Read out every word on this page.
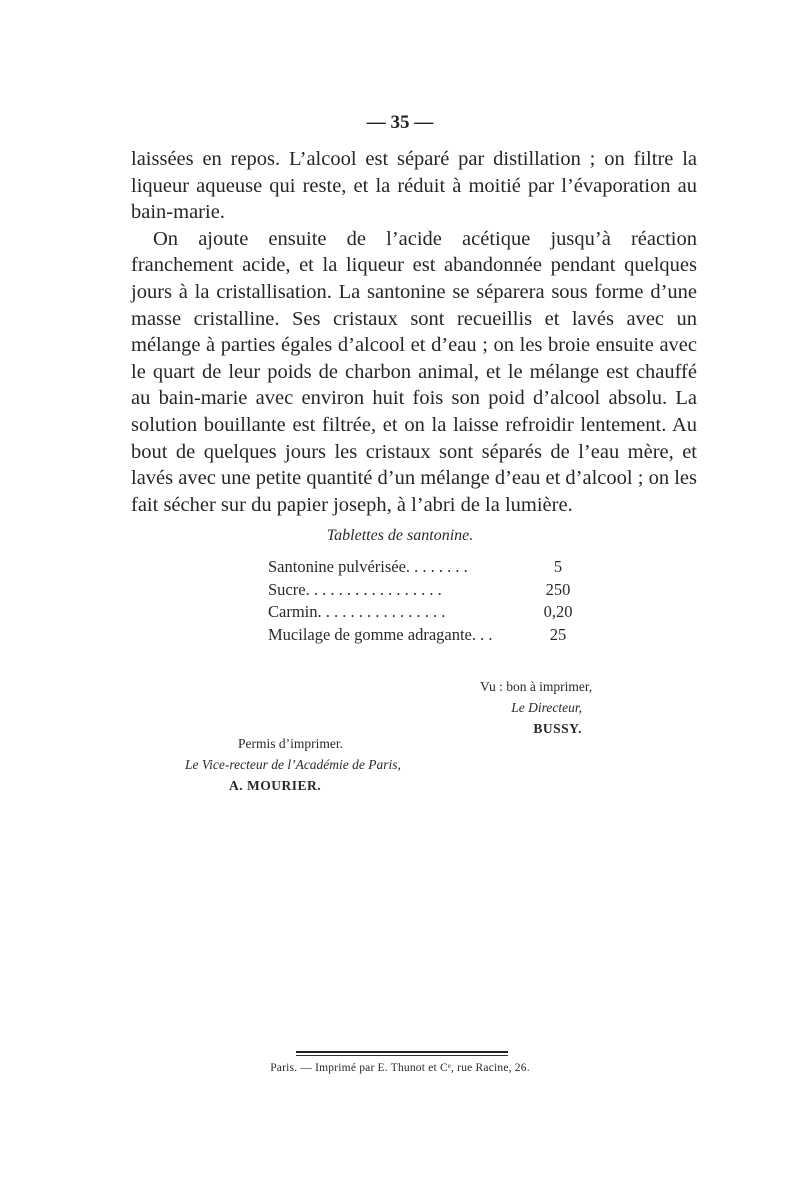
— 35 —

laissées en repos. L’alcool est séparé par distillation ; on filtre la liqueur aqueuse qui reste, et la réduit à moitié par l’évaporation au bain-marie.

On ajoute ensuite de l’acide acétique jusqu’à réaction franchement acide, et la liqueur est abandonnée pendant quelques jours à la cristallisation. La santonine se séparera sous forme d’une masse cristalline. Ses cristaux sont recueillis et lavés avec un mélange à parties égales d’alcool et d’eau ; on les broie ensuite avec le quart de leur poids de charbon animal, et le mélange est chauffé au bain-marie avec environ huit fois son poid d’alcool absolu. La solution bouillante est filtrée, et on la laisse refroidir lentement. Au bout de quelques jours les cristaux sont séparés de l’eau mère, et lavés avec une petite quantité d’un mélange d’eau et d’alcool ; on les fait sécher sur du papier joseph, à l’abri de la lumière.

Tablettes de santonine.
Santonine pulvérisée. . . . . . . .	5
Sucre. . . . . . . . . . . . . . . . .	250
Carmin. . . . . . . . . . . . . . . .	0,20
Mucilage de gomme adragante. . .	25
Vu : bon à imprimer,
Le Directeur,
BUSSY.
Permis d’imprimer.
Le Vice-recteur de l’Académie de Paris,
A. MOURIER.
Paris. — Imprimé par E. Thunot et Cᵉ, rue Racine, 26.
